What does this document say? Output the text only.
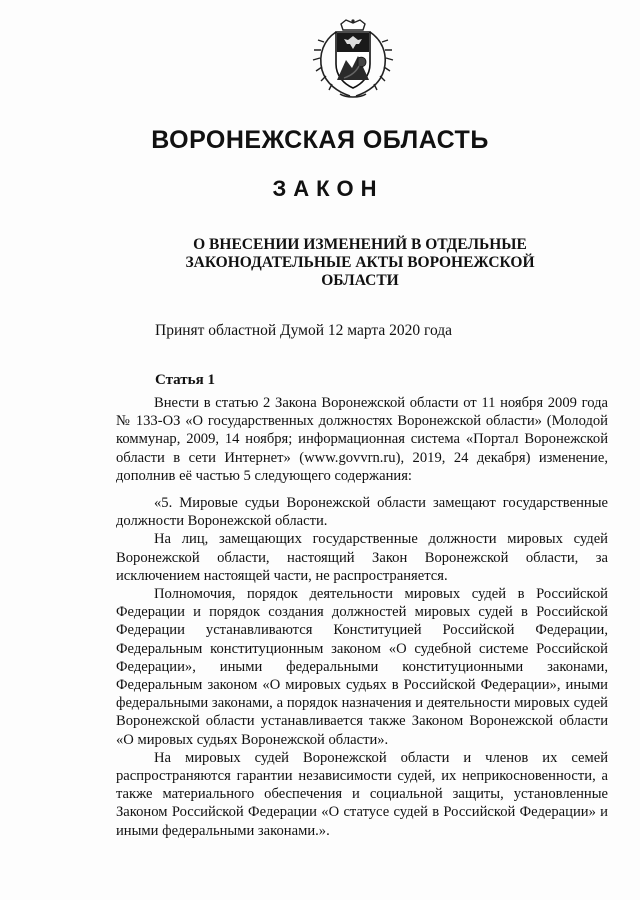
ВОРОНЕЖСКАЯ ОБЛАСТЬ
ЗАКОН
О ВНЕСЕНИИ ИЗМЕНЕНИЙ В ОТДЕЛЬНЫЕ
ЗАКОНОДАТЕЛЬНЫЕ АКТЫ ВОРОНЕЖСКОЙ
ОБЛАСТИ
Принят областной Думой 12 марта 2020 года
Статья 1

Внести в статью 2 Закона Воронежской области от 11 ноября 2009 года № 133-ОЗ «О государственных должностях Воронежской области» (Молодой коммунар, 2009, 14 ноября; информационная система «Портал Воронежской области в сети Интернет» (www.govvrn.ru), 2019, 24 декабря) изменение, дополнив её частью 5 следующего содержания:

«5. Мировые судьи Воронежской области замещают государственные должности Воронежской области.

На лиц, замещающих государственные должности мировых судей Воронежской области, настоящий Закон Воронежской области, за исключением настоящей части, не распространяется.

Полномочия, порядок деятельности мировых судей в Российской Федерации и порядок создания должностей мировых судей в Российской Федерации устанавливаются Конституцией Российской Федерации, Федеральным конституционным законом «О судебной системе Российской Федерации», иными федеральными конституционными законами, Федеральным законом «О мировых судьях в Российской Федерации», иными федеральными законами, а порядок назначения и деятельности мировых судей Воронежской области устанавливается также Законом Воронежской области «О мировых судьях Воронежской области».

На мировых судей Воронежской области и членов их семей распространяются гарантии независимости судей, их неприкосновенности, а также материального обеспечения и социальной защиты, установленные Законом Российской Федерации «О статусе судей в Российской Федерации» и иными федеральными законами.».
